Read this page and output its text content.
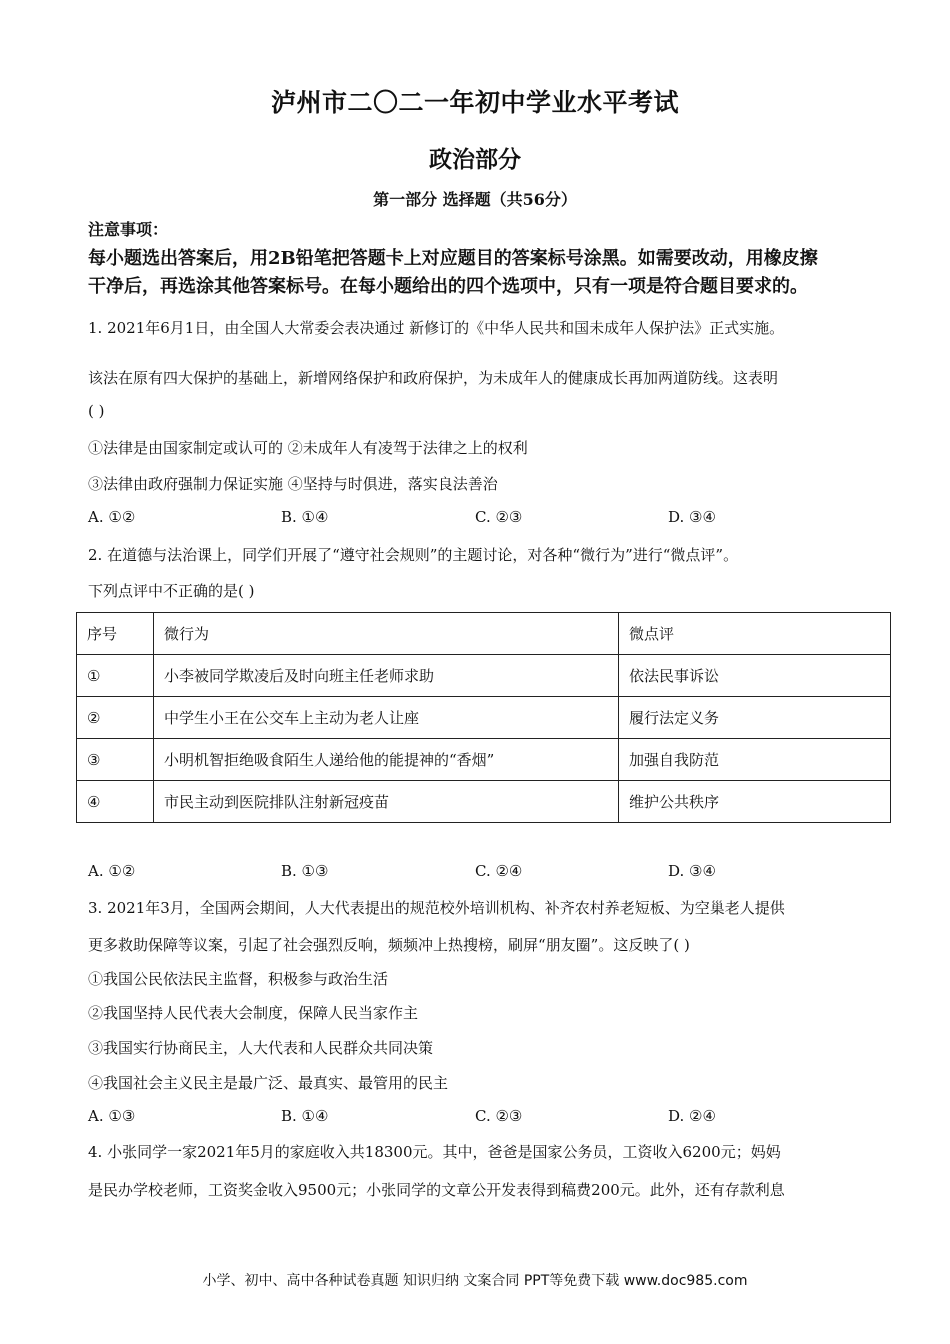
泸州市二〇二一年初中学业水平考试
政治部分
第一部分 选择题（共56分）
注意事项：
每小题选出答案后，用2B铅笔把答题卡上对应题目的答案标号涂黑。如需要改动，用橡皮擦
干净后，再选涂其他答案标号。在每小题给出的四个选项中，只有一项是符合题目要求的。
1. 2021年6月1日，由全国人大常委会表决通过 新修订的《中华人民共和国未成年人保护法》正式实施。
该法在原有四大保护的基础上，新增网络保护和政府保护，为未成年人的健康成长再加两道防线。这表明
( )
①法律是由国家制定或认可的 ②未成年人有凌驾于法律之上的权利
③法律由政府强制力保证实施 ④坚持与时俱进，落实良法善治
A. ①②	B. ①④	C. ②③	D. ③④
2. 在道德与法治课上，同学们开展了“遵守社会规则”的主题讨论，对各种“微行为”进行“微点评”。
下列点评中不正确的是( )
序号	微行为	微点评
①	小李被同学欺凌后及时向班主任老师求助	依法民事诉讼
②	中学生小王在公交车上主动为老人让座	履行法定义务
③	小明机智拒绝吸食陌生人递给他的能提神的“香烟”	加强自我防范
④	市民主动到医院排队注射新冠疫苗	维护公共秩序
A. ①②	B. ①③	C. ②④	D. ③④
3. 2021年3月，全国两会期间，人大代表提出的规范校外培训机构、补齐农村养老短板、为空巢老人提供
更多救助保障等议案，引起了社会强烈反响，频频冲上热搜榜，刷屏“朋友圈”。这反映了( )
①我国公民依法民主监督，积极参与政治生活
②我国坚持人民代表大会制度，保障人民当家作主
③我国实行协商民主，人大代表和人民群众共同决策
④我国社会主义民主是最广泛、最真实、最管用的民主
A. ①③	B. ①④	C. ②③	D. ②④
4. 小张同学一家2021年5月的家庭收入共18300元。其中，爸爸是国家公务员，工资收入6200元；妈妈
是民办学校老师，工资奖金收入9500元；小张同学的文章公开发表得到稿费200元。此外，还有存款利息
小学、初中、高中各种试卷真题 知识归纳 文案合同 PPT等免费下载 www.doc985.com
